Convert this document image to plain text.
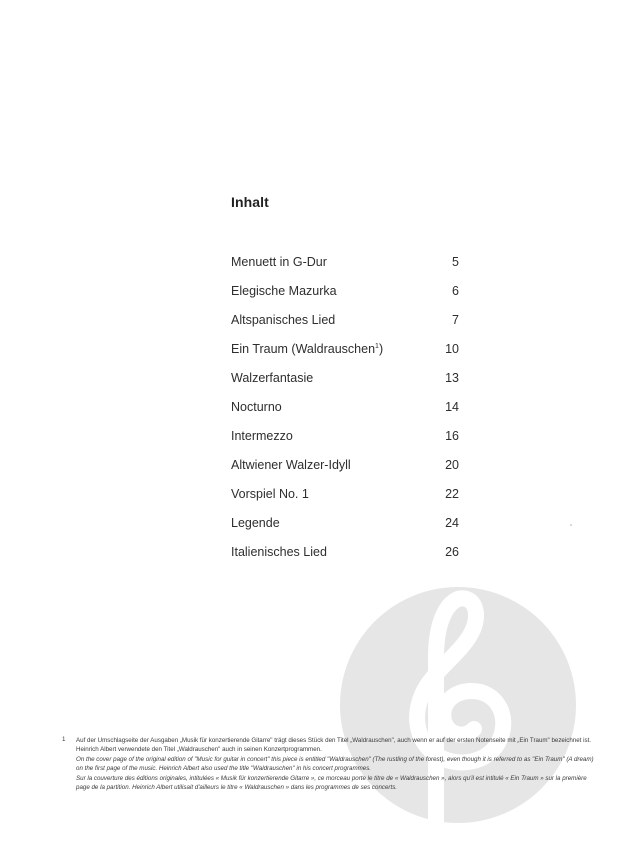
Inhalt
Menuett in G-Dur	5
Elegische Mazurka	6
Altspanisches Lied	7
Ein Traum (Waldrauschen$^1$)	10
Walzerfantasie	13
Nocturno	14
Intermezzo	16
Altwiener Walzer-Idyll	20
Vorspiel No. 1	22
Legende	24
Italienisches Lied	26
1 Auf der Umschlagseite der Ausgaben „Musik für konzertierende Gitarre" trägt dieses Stück den Titel „Waldrauschen", auch wenn er auf der ersten Notenseite mit „Ein Traum" bezeichnet ist. Heinrich Albert verwendete den Titel „Waldrauschen" auch in seinen Konzertprogrammen.
On the cover page of the original edition of "Music for guitar in concert" this piece is entitled "Waldrauschen" (The rustling of the forest), even though it is referred to as "Ein Traum" (A dream) on the first page of the music. Heinrich Albert also used the title "Waldrauschen" in his concert programmes.
Sur la couverture des éditions originales, intitulées « Musik für konzertierende Gitarre », ce morceau porte le titre de « Waldrauschen », alors qu'il est intitulé « Ein Traum » sur la première page de la partition. Heinrich Albert utilisait d'ailleurs le titre « Waldrauschen » dans les programmes de ses concerts.
